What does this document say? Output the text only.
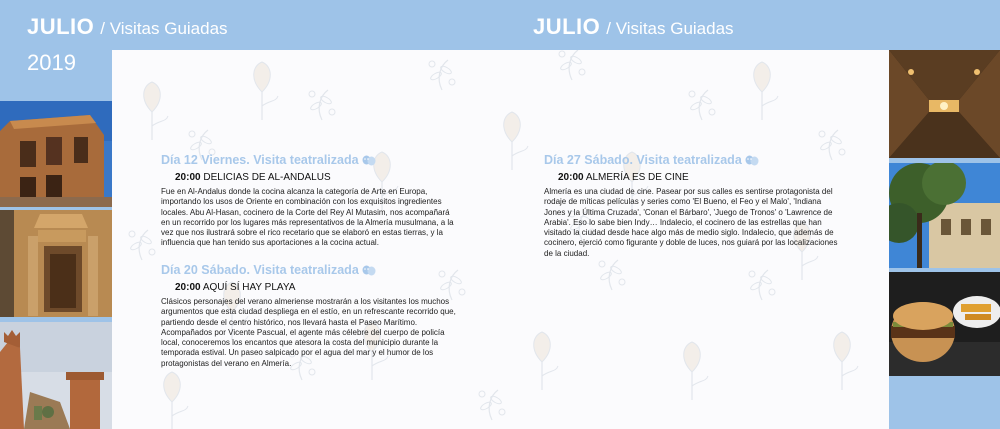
JULIO / Visitas Guiadas
2019
JULIO / Visitas Guiadas
Día 12 Viernes. Visita teatralizada
20:00 DELICIAS DE AL-ANDALUS
Fue en Al-Andalus donde la cocina alcanza la categoría de Arte en Europa, importando los usos de Oriente en combinación con los exquisitos ingredientes locales. Abu Al-Hasan, cocinero de la Corte del Rey Al Mutasim, nos acompañará en un recorrido por los lugares más representativos de la Almería musulmana, a la vez que nos ilustrará sobre el rico recetario que se elaboró en estas tierras, y la influencia que han tenido sus aportaciones a la cocina actual.
Día 20 Sábado. Visita teatralizada
20:00 AQUÍ SÍ HAY PLAYA
Clásicos personajes del verano almeriense mostrarán a los visitantes los muchos argumentos que esta ciudad despliega en el estío, en un refrescante recorrido que, partiendo desde el centro histórico, nos llevará hasta el Paseo Marítimo. Acompañados por Vicente Pascual, el agente más célebre del cuerpo de policía local, conoceremos los encantos que atesora la costa del municipio durante la temporada estival. Un paseo salpicado por el agua del mar y el humor de los protagonistas del verano en Almería.
Día 27 Sábado. Visita teatralizada
20:00 ALMERÍA ES DE CINE
Almería es una ciudad de cine. Pasear por sus calles es sentirse protagonista del rodaje de míticas películas y series como 'El Bueno, el Feo y el Malo', 'Indiana Jones y la Última Cruzada', 'Conan el Bárbaro', 'Juego de Tronos' o 'Lawrence de Arabia'. Eso lo sabe bien Indy… Indalecio, el cocinero de las estrellas que han visitado la ciudad desde hace algo más de medio siglo. Indalecio, que además de cocinero, ejerció como figurante y doble de luces, nos guiará por las localizaciones de la ciudad.
